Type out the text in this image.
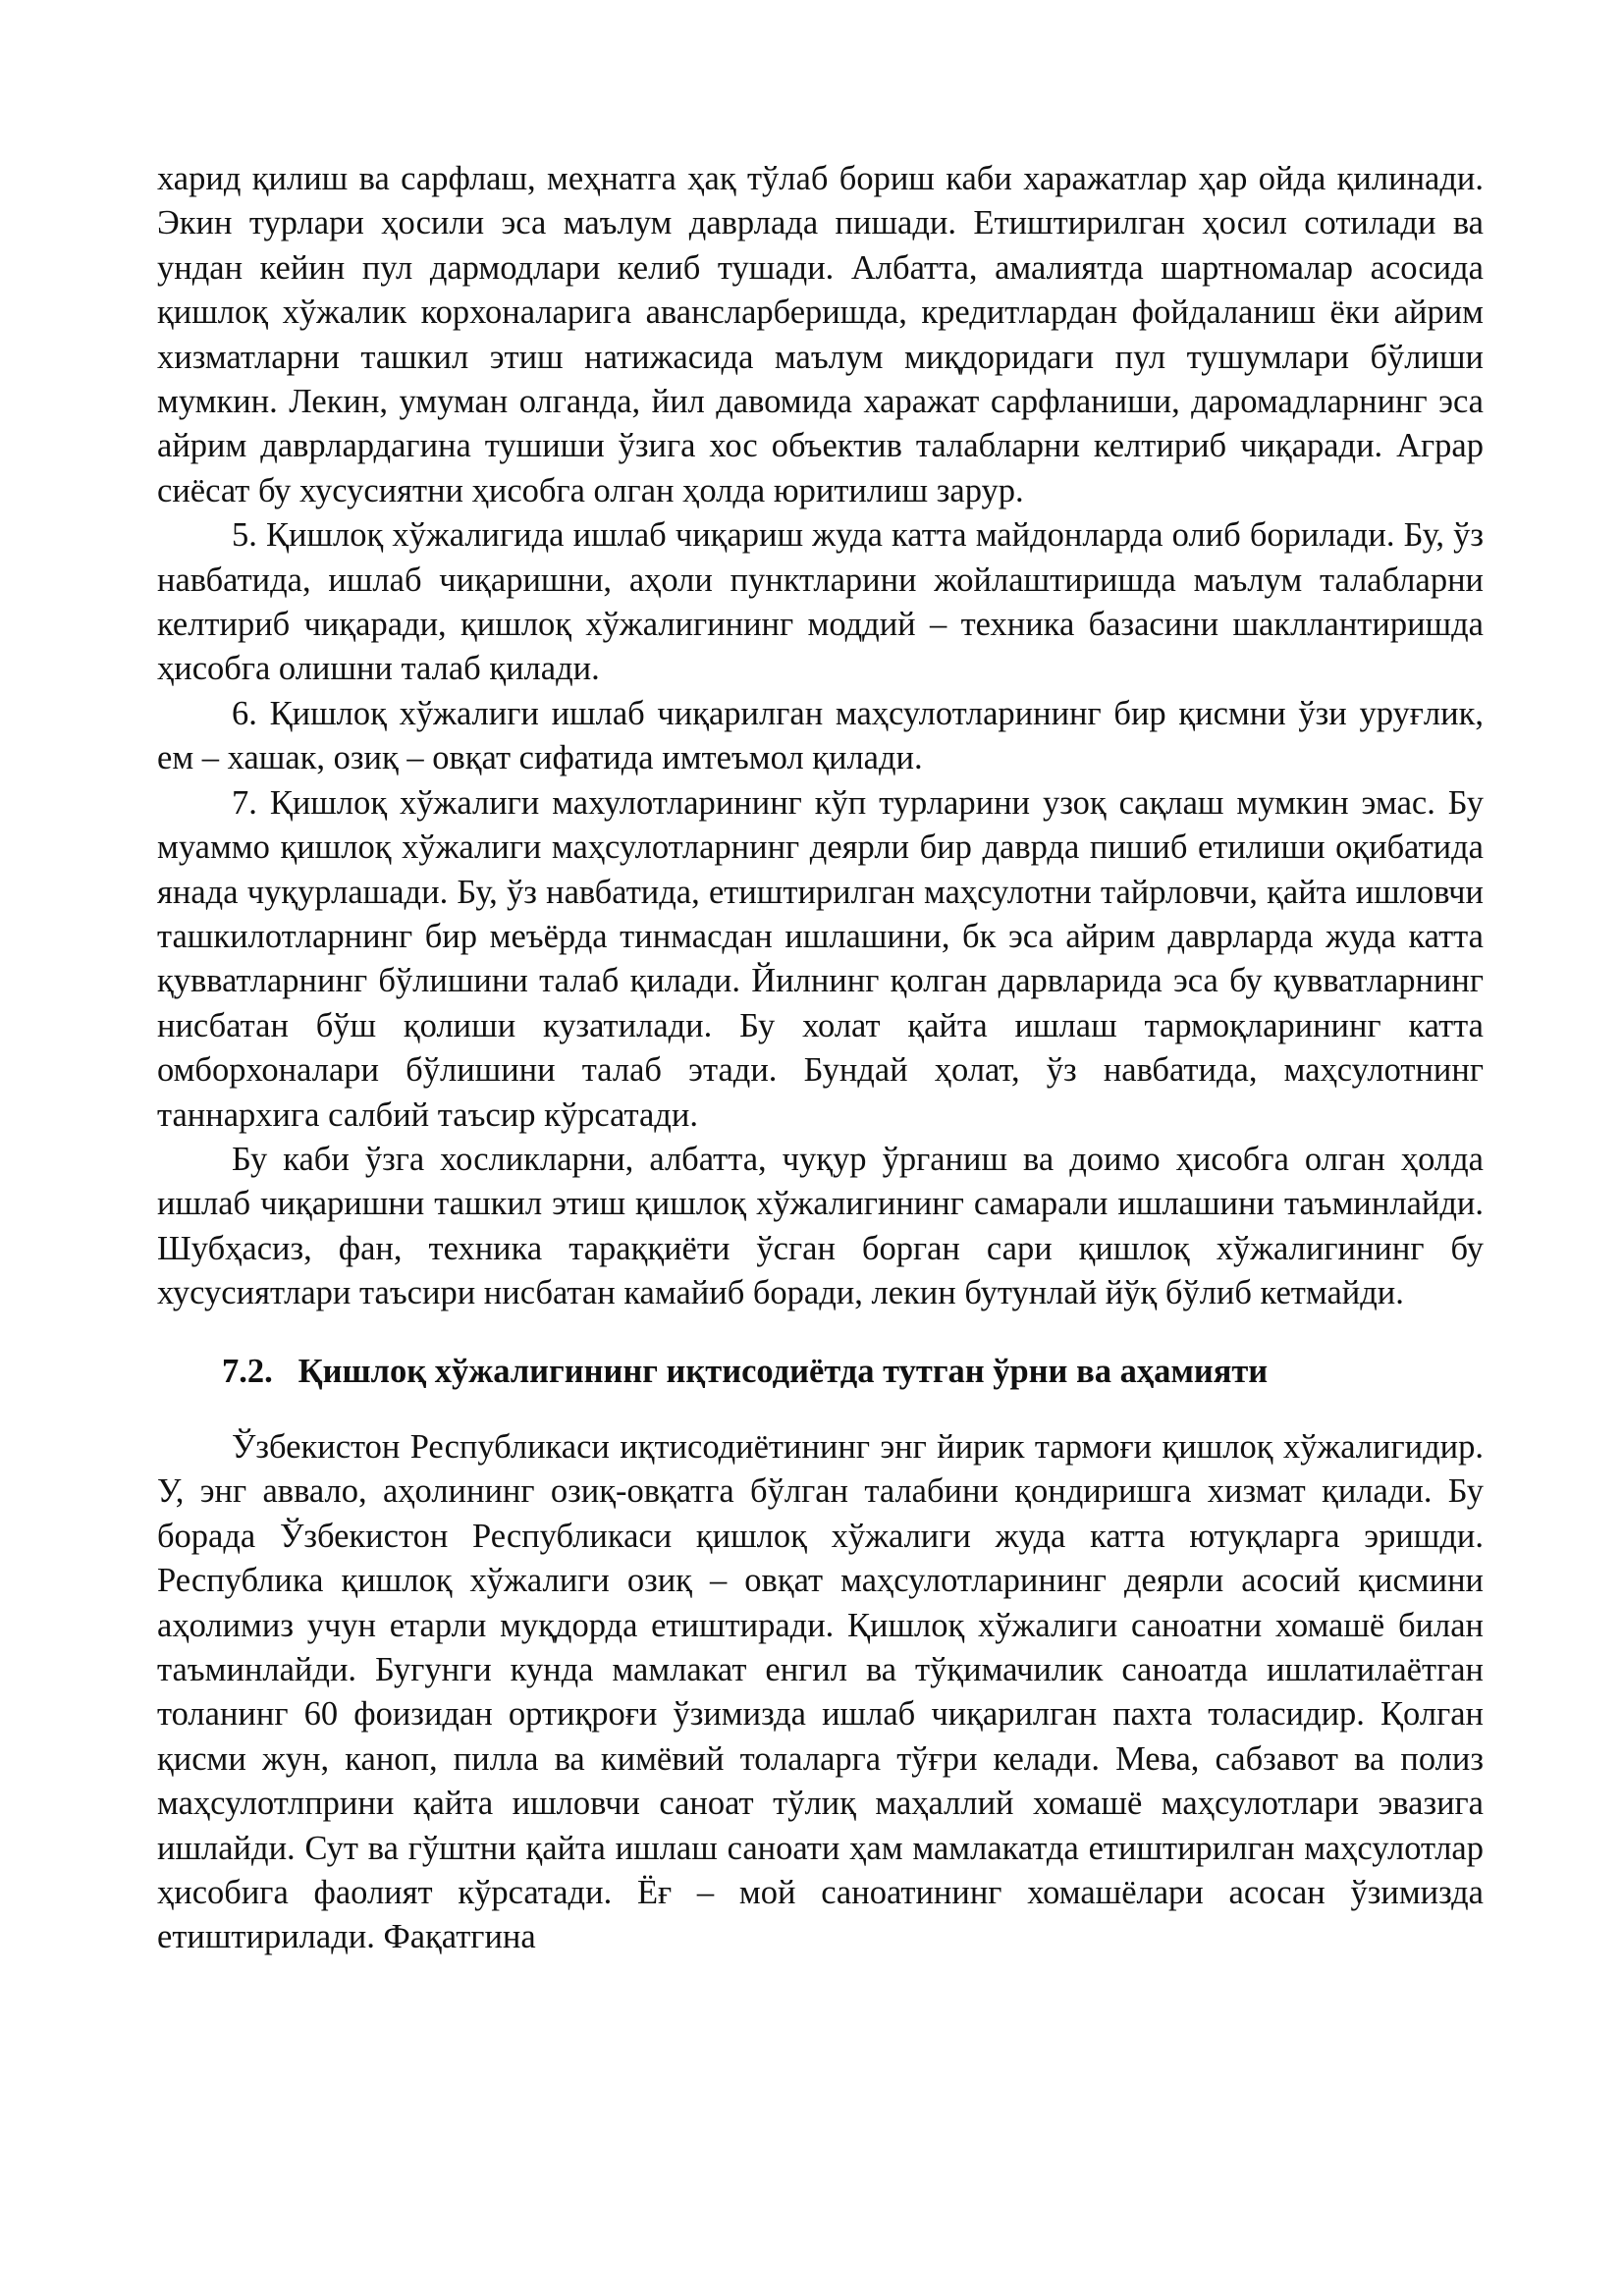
харид қилиш ва сарфлаш, меҳнатга ҳақ тўлаб бориш каби харажатлар ҳар ойда қилинади. Экин турлари ҳосили эса маълум даврлада пишади. Етиштирилган ҳосил сотилади ва ундан кейин пул дармодлари келиб тушади. Албатта, амалиятда шартномалар асосида қишлоқ хўжалик корхоналарига авансларберишда, кредитлардан фойдаланиш ёки айрим хизматларни ташкил этиш натижасида маълум миқдоридаги пул тушумлари бўлиши мумкин. Лекин, умуман олганда, йил давомида харажат сарфланиши, даромадларнинг эса айрим даврлардагина тушиши ўзига хос объектив талабларни келтириб чиқаради. Аграр сиёсат бу хусусиятни ҳисобга олган ҳолда юритилиш зарур.

5. Қишлоқ хўжалигида ишлаб чиқариш жуда катта майдонларда олиб борилади. Бу, ўз навбатида, ишлаб чиқаришни, аҳоли пунктларини жойлаштиришда маълум талабларни келтириб чиқаради, қишлоқ хўжалигининг моддий – техника базасини шакллантиришда ҳисобга олишни талаб қилади.

6. Қишлоқ хўжалиги ишлаб чиқарилган маҳсулотларининг бир қисмни ўзи уруғлик, ем – хашак, озиқ – овқат сифатида имтеъмол қилади.

7. Қишлоқ хўжалиги махулотларининг кўп турларини узоқ сақлаш мумкин эмас. Бу муаммо қишлоқ хўжалиги маҳсулотларнинг деярли бир даврда пишиб етилиши оқибатида янада чуқурлашади. Бу, ўз навбатида, етиштирилган маҳсулотни тайрловчи, қайта ишловчи ташкилотларнинг бир меъёрда тинмасдан ишлашини, бк эса айрим даврларда жуда катта қувватларнинг бўлишини талаб қилади. Йилнинг қолган дарвларида эса бу қувватларнинг нисбатан бўш қолиши кузатилади. Бу холат қайта ишлаш тармоқларининг катта омборхоналари бўлишини талаб этади. Бундай ҳолат, ўз навбатида, маҳсулотнинг таннархига салбий таъсир кўрсатади.

Бу каби ўзга хосликларни, албатта, чуқур ўрганиш ва доимо ҳисобга олган ҳолда ишлаб чиқаришни ташкил этиш қишлоқ хўжалигининг самарали ишлашини таъминлайди. Шубҳасиз, фан, техника тараққиёти ўсган борган сари қишлоқ хўжалигининг бу хусусиятлари таъсири нисбатан камайиб боради, лекин бутунлай йўқ бўлиб кетмайди.

7.2. Қишлоқ хўжалигининг иқтисодиётда тутган ўрни ва аҳамияти

Ўзбекистон Республикаси иқтисодиётининг энг йирик тармоғи қишлоқ хўжалигидир. У, энг аввало, аҳолининг озиқ-овқатга бўлган талабини қондиришга хизмат қилади. Бу борада Ўзбекистон Республикаси қишлоқ хўжалиги жуда катта ютуқларга эришди. Республика қишлоқ хўжалиги озиқ – овқат маҳсулотларининг деярли асосий қисмини аҳолимиз учун етарли муқдорда етиштиради. Қишлоқ хўжалиги саноатни хомашё билан таъминлайди. Бугунги кунда мамлакат енгил ва тўқимачилик саноатда ишлатилаётган толанинг 60 фоизидан ортиқроғи ўзимизда ишлаб чиқарилган пахта толасидир. Қолган қисми жун, каноп, пилла ва кимёвий толаларга тўғри келади. Мева, сабзавот ва полиз маҳсулотлприни қайта ишловчи саноат тўлиқ маҳаллий хомашё маҳсулотлари эвазига ишлайди. Сут ва гўштни қайта ишлаш саноати ҳам мамлакатда етиштирилган маҳсулотлар ҳисобига фаолият кўрсатади. Ёғ – мой саноатининг хомашёлари асосан ўзимизда етиштирилади. Фақатгина
